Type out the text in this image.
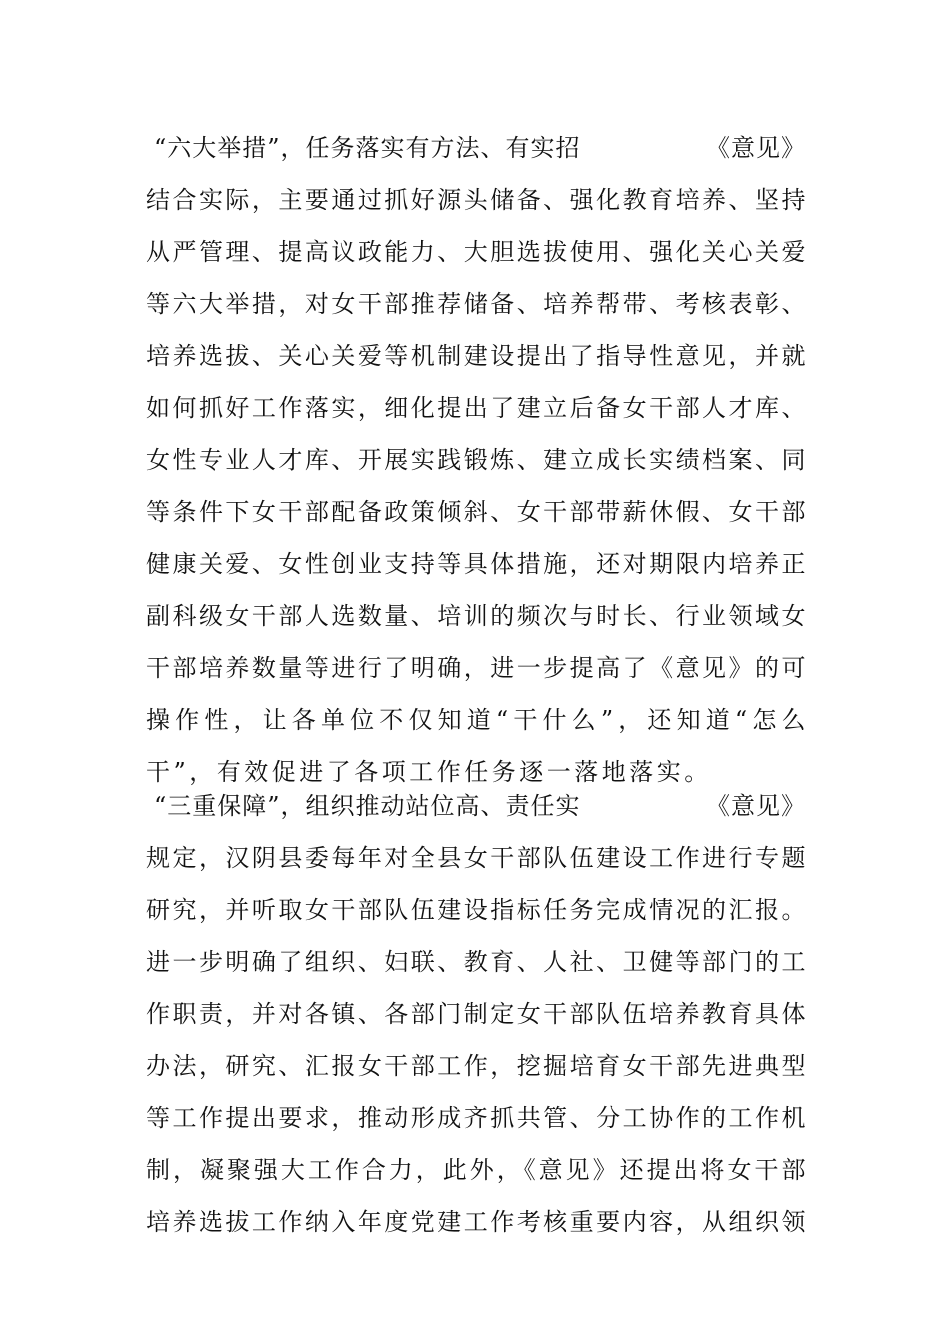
“六大举措”，任务落实有方法、有实招	《意见》
结合实际，主要通过抓好源头储备、强化教育培养、坚持
从严管理、提高议政能力、大胆选拔使用、强化关心关爱
等六大举措，对女干部推荐储备、培养帮带、考核表彰、
培养选拔、关心关爱等机制建设提出了指导性意见，并就
如何抓好工作落实，细化提出了建立后备女干部人才库、
女性专业人才库、开展实践锻炼、建立成长实绩档案、同
等条件下女干部配备政策倾斜、女干部带薪休假、女干部
健康关爱、女性创业支持等具体措施，还对期限内培养正
副科级女干部人选数量、培训的频次与时长、行业领域女
干部培养数量等进行了明确，进一步提高了《意见》的可
操作性，让各单位不仅知道“干什么”，还知道“怎么
干”，有效促进了各项工作任务逐一落地落实。
“三重保障”，组织推动站位高、责任实	《意见》
规定，汉阴县委每年对全县女干部队伍建设工作进行专题
研究，并听取女干部队伍建设指标任务完成情况的汇报。
进一步明确了组织、妇联、教育、人社、卫健等部门的工
作职责，并对各镇、各部门制定女干部队伍培养教育具体
办法，研究、汇报女干部工作，挖掘培育女干部先进典型
等工作提出要求，推动形成齐抓共管、分工协作的工作机
制，凝聚强大工作合力，此外，《意见》还提出将女干部
培养选拔工作纳入年度党建工作考核重要内容，从组织领
